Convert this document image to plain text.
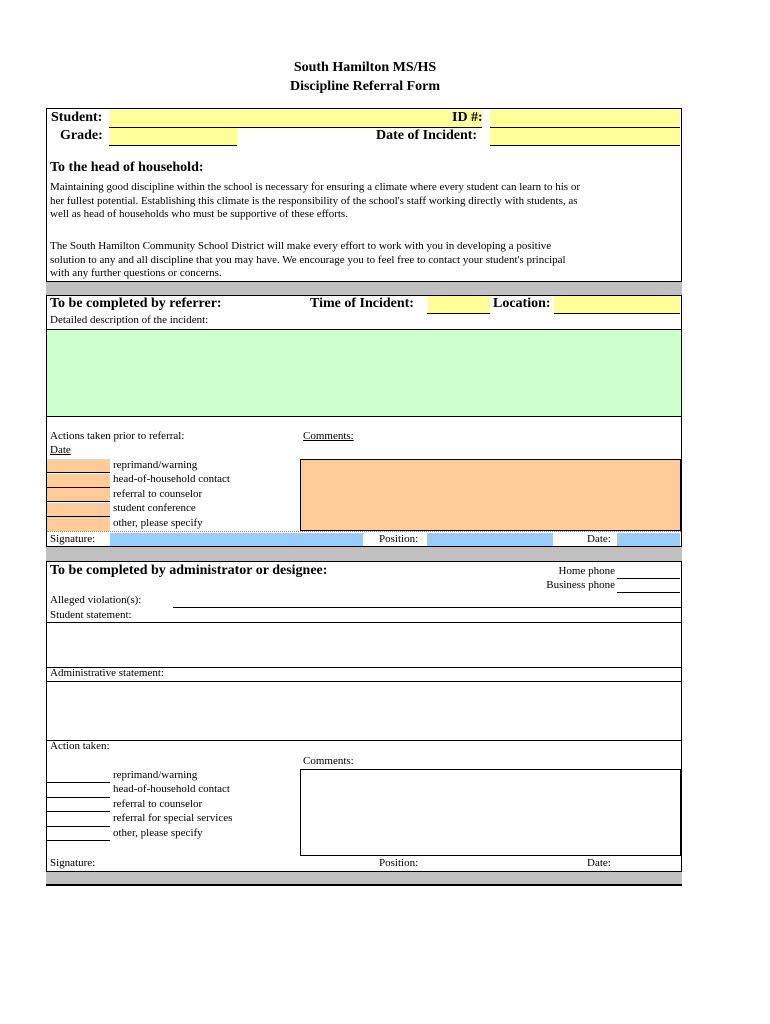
South Hamilton MS/HS
Discipline Referral Form
Student:	ID #:
Grade:	Date of Incident:
To the head of household:
Maintaining good discipline within the school is necessary for ensuring a climate where every student can learn to his or
her fullest potential. Establishing this climate is the responsibility of the school's staff working directly with students, as
well as head of households who must be supportive of these efforts.
The South Hamilton Community School District will make every effort to work with you in developing a positive
solution to any and all discipline that you may have. We encourage you to feel free to contact your student's principal
with any further questions or concerns.
To be completed by referrer:	Time of Incident:	Location:
Detailed description of the incident:
Actions taken prior to referral:
Date
Comments:
reprimand/warning
head-of-household contact
referral to counselor
student conference
other, please specify
Signature:	Position:	Date:
To be completed by administrator or designee:	Home phone
Business phone
Alleged violation(s):
Student statement:
Administrative statement:
Action taken:
Comments:
reprimand/warning
head-of-household contact
referral to counselor
referral for special services
other, please specify
Signature:	Position:	Date:
